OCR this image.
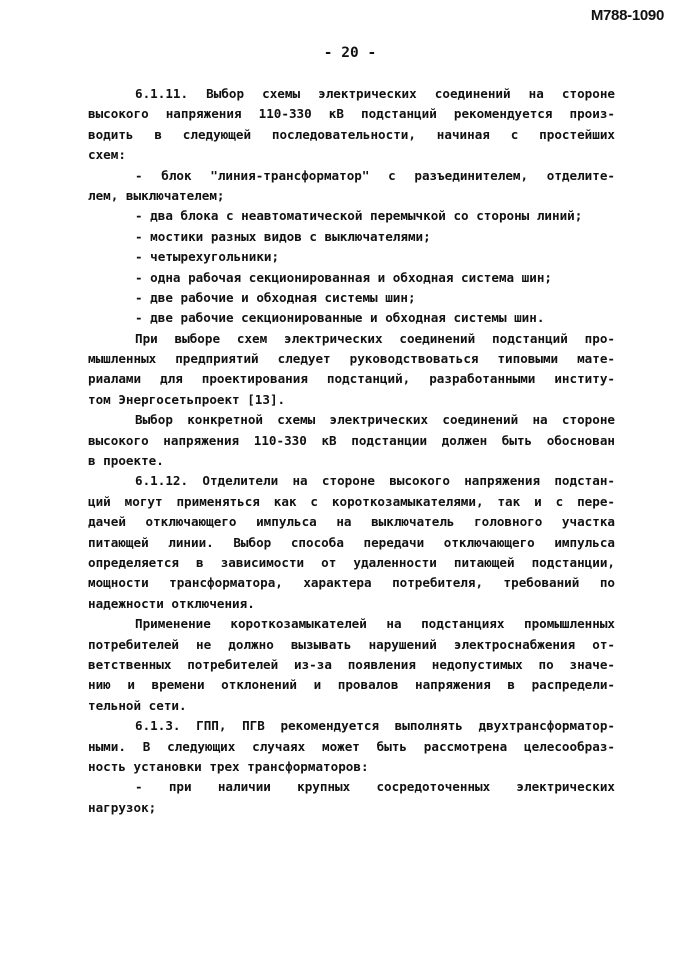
М788-1090
- 20 -
6.1.11. Выбор схемы электрических соединений на стороне
высокого напряжения 110-330 кВ подстанций рекомендуется произ-
водить в следующей последовательности, начиная с простейших
схем:
- блок "линия-трансформатор" с разъединителем, отделите-
лем, выключателем;
- два блока с неавтоматической перемычкой со стороны линий;
- мостики разных видов с выключателями;
- четырехугольники;
- одна рабочая секционированная и обходная система шин;
- две рабочие и обходная системы шин;
- две рабочие секционированные и обходная системы шин.
При выборе схем электрических соединений подстанций про-
мышленных предприятий следует руководствоваться типовыми мате-
риалами для проектирования подстанций, разработанными институ-
том Энергосетьпроект [13].
Выбор конкретной схемы электрических соединений на стороне
высокого напряжения 110-330 кВ подстанции должен быть обоснован
в проекте.
6.1.12. Отделители на стороне высокого напряжения подстан-
ций могут применяться как с короткозамыкателями, так и с пере-
дачей отключающего импульса на выключатель головного участка
питающей линии. Выбор способа передачи отключающего импульса
определяется в зависимости от удаленности питающей подстанции,
мощности трансформатора, характера потребителя, требований по
надежности отключения.
Применение короткозамыкателей на подстанциях промышленных
потребителей не должно вызывать нарушений электроснабжения от-
ветственных потребителей из-за появления недопустимых по значе-
нию и времени отклонений и провалов напряжения в распредели-
тельной сети.
6.1.3. ГПП, ПГВ рекомендуется выполнять двухтрансформатор-
ными. В следующих случаях может быть рассмотрена целесообраз-
ность установки трех трансформаторов:
- при наличии крупных сосредоточенных электрических
нагрузок;
